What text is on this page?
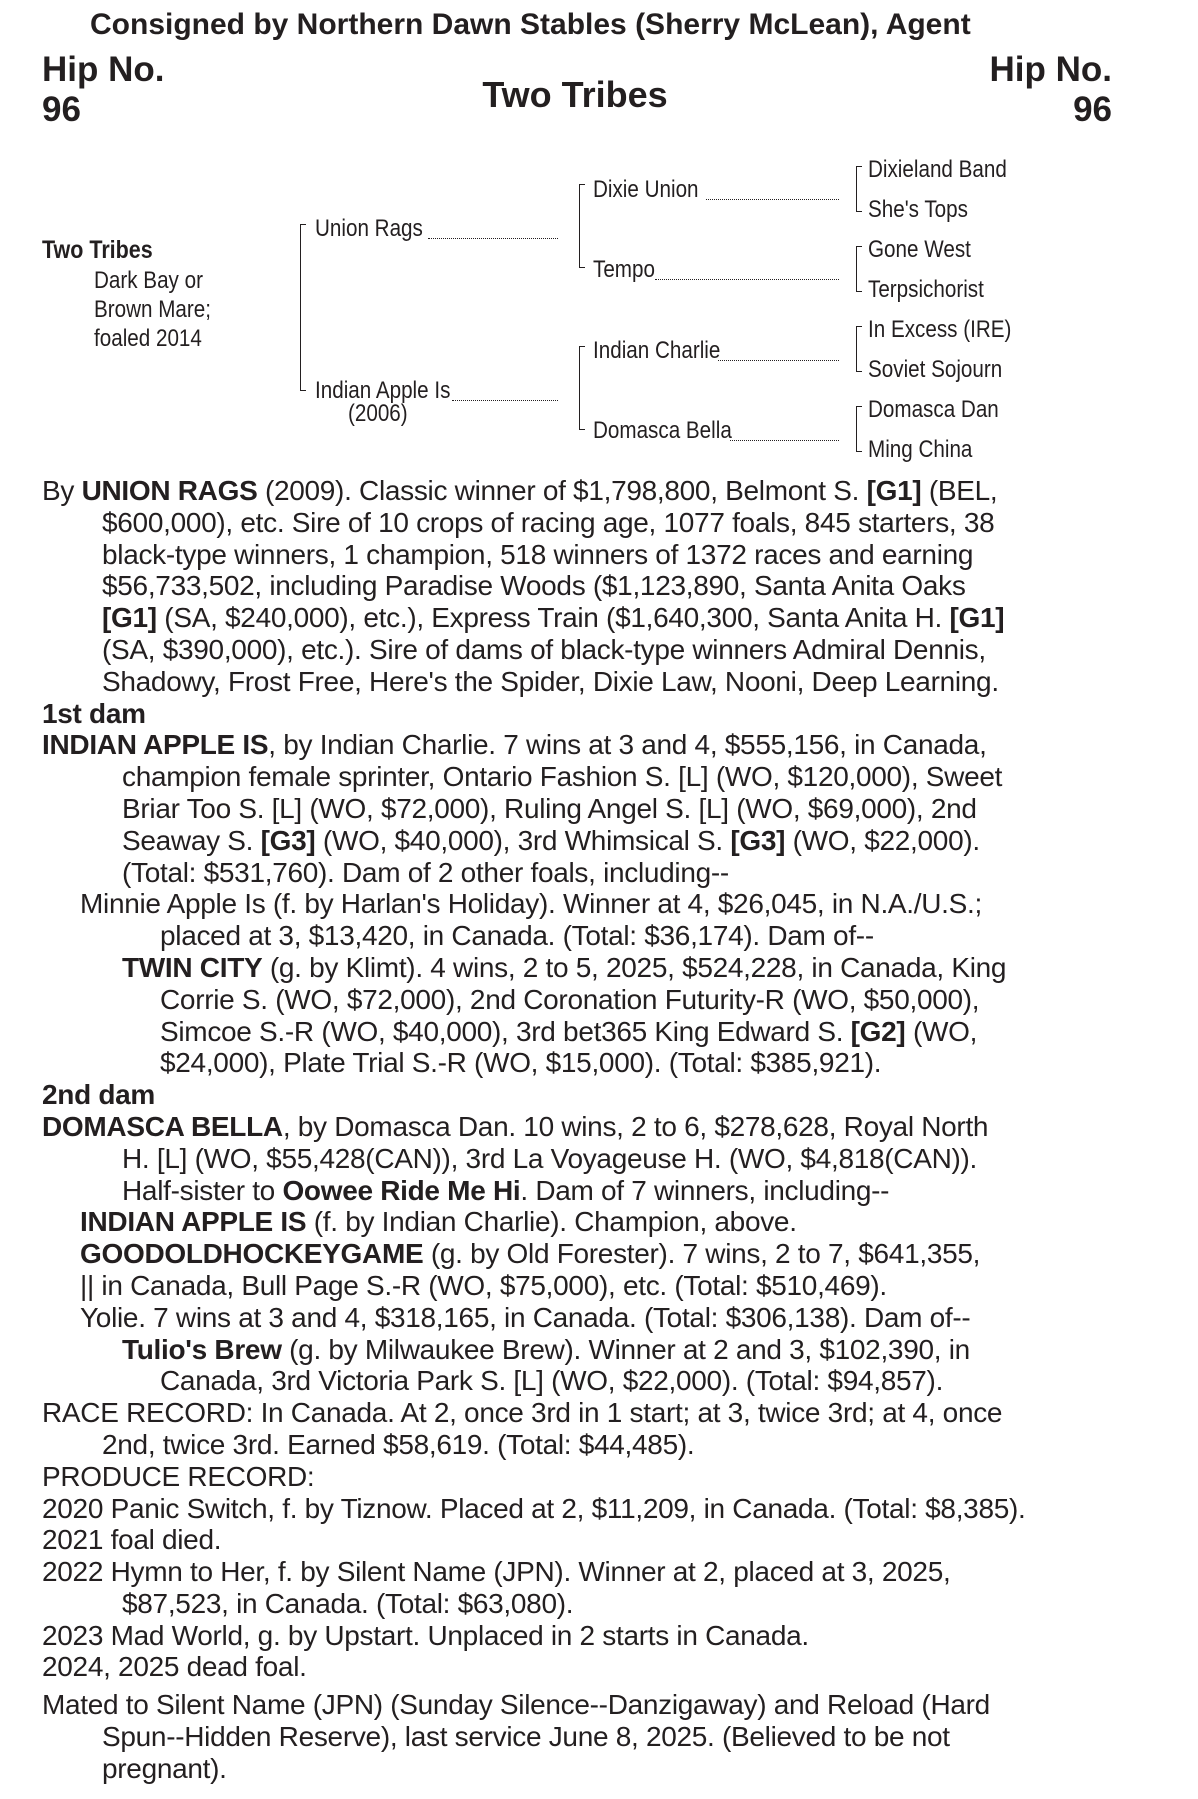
Consigned by Northern Dawn Stables (Sherry McLean), Agent
Hip No.
96
Hip No.
96
Two Tribes
Two Tribes
Dark Bay or
Brown Mare;
foaled 2014
Union Rags
Indian Apple Is
(2006)
Dixie Union
Tempo
Indian Charlie
Domasca Bella
Dixieland Band
She's Tops
Gone West
Terpsichorist
In Excess (IRE)
Soviet Sojourn
Domasca Dan
Ming China

By UNION RAGS (2009). Classic winner of $1,798,800, Belmont S. [G1] (BEL,

$600,000), etc. Sire of 10 crops of racing age, 1077 foals, 845 starters, 38

black-type winners, 1 champion, 518 winners of 1372 races and earning

$56,733,502, including Paradise Woods ($1,123,890, Santa Anita Oaks

[G1] (SA, $240,000), etc.), Express Train ($1,640,300, Santa Anita H. [G1]

(SA, $390,000), etc.). Sire of dams of black-type winners Admiral Dennis,

Shadowy, Frost Free, Here's the Spider, Dixie Law, Nooni, Deep Learning.

1st dam

INDIAN APPLE IS, by Indian Charlie. 7 wins at 3 and 4, $555,156, in Canada,

champion female sprinter, Ontario Fashion S. [L] (WO, $120,000), Sweet

Briar Too S. [L] (WO, $72,000), Ruling Angel S. [L] (WO, $69,000), 2nd

Seaway S. [G3] (WO, $40,000), 3rd Whimsical S. [G3] (WO, $22,000).

(Total: $531,760). Dam of 2 other foals, including--

Minnie Apple Is (f. by Harlan's Holiday). Winner at 4, $26,045, in N.A./U.S.;

placed at 3, $13,420, in Canada. (Total: $36,174). Dam of--

TWIN CITY (g. by Klimt). 4 wins, 2 to 5, 2025, $524,228, in Canada, King

Corrie S. (WO, $72,000), 2nd Coronation Futurity-R (WO, $50,000),

Simcoe S.-R (WO, $40,000), 3rd bet365 King Edward S. [G2] (WO,

$24,000), Plate Trial S.-R (WO, $15,000). (Total: $385,921).

2nd dam

DOMASCA BELLA, by Domasca Dan. 10 wins, 2 to 6, $278,628, Royal North

H. [L] (WO, $55,428(CAN)), 3rd La Voyageuse H. (WO, $4,818(CAN)).

Half-sister to Oowee Ride Me Hi. Dam of 7 winners, including--

INDIAN APPLE IS (f. by Indian Charlie). Champion, above.

GOODOLDHOCKEYGAME (g. by Old Forester). 7 wins, 2 to 7, $641,355,

|| in Canada, Bull Page S.-R (WO, $75,000), etc. (Total: $510,469).

Yolie. 7 wins at 3 and 4, $318,165, in Canada. (Total: $306,138). Dam of--

Tulio's Brew (g. by Milwaukee Brew). Winner at 2 and 3, $102,390, in

Canada, 3rd Victoria Park S. [L] (WO, $22,000). (Total: $94,857).

RACE RECORD: In Canada. At 2, once 3rd in 1 start; at 3, twice 3rd; at 4, once

2nd, twice 3rd. Earned $58,619. (Total: $44,485).

PRODUCE RECORD:

2020 Panic Switch, f. by Tiznow. Placed at 2, $11,209, in Canada. (Total: $8,385).

2021 foal died.

2022 Hymn to Her, f. by Silent Name (JPN). Winner at 2, placed at 3, 2025,

$87,523, in Canada. (Total: $63,080).

2023 Mad World, g. by Upstart. Unplaced in 2 starts in Canada.

2024, 2025 dead foal.

Mated to Silent Name (JPN) (Sunday Silence--Danzigaway) and Reload (Hard

Spun--Hidden Reserve), last service June 8, 2025. (Believed to be not

pregnant).
